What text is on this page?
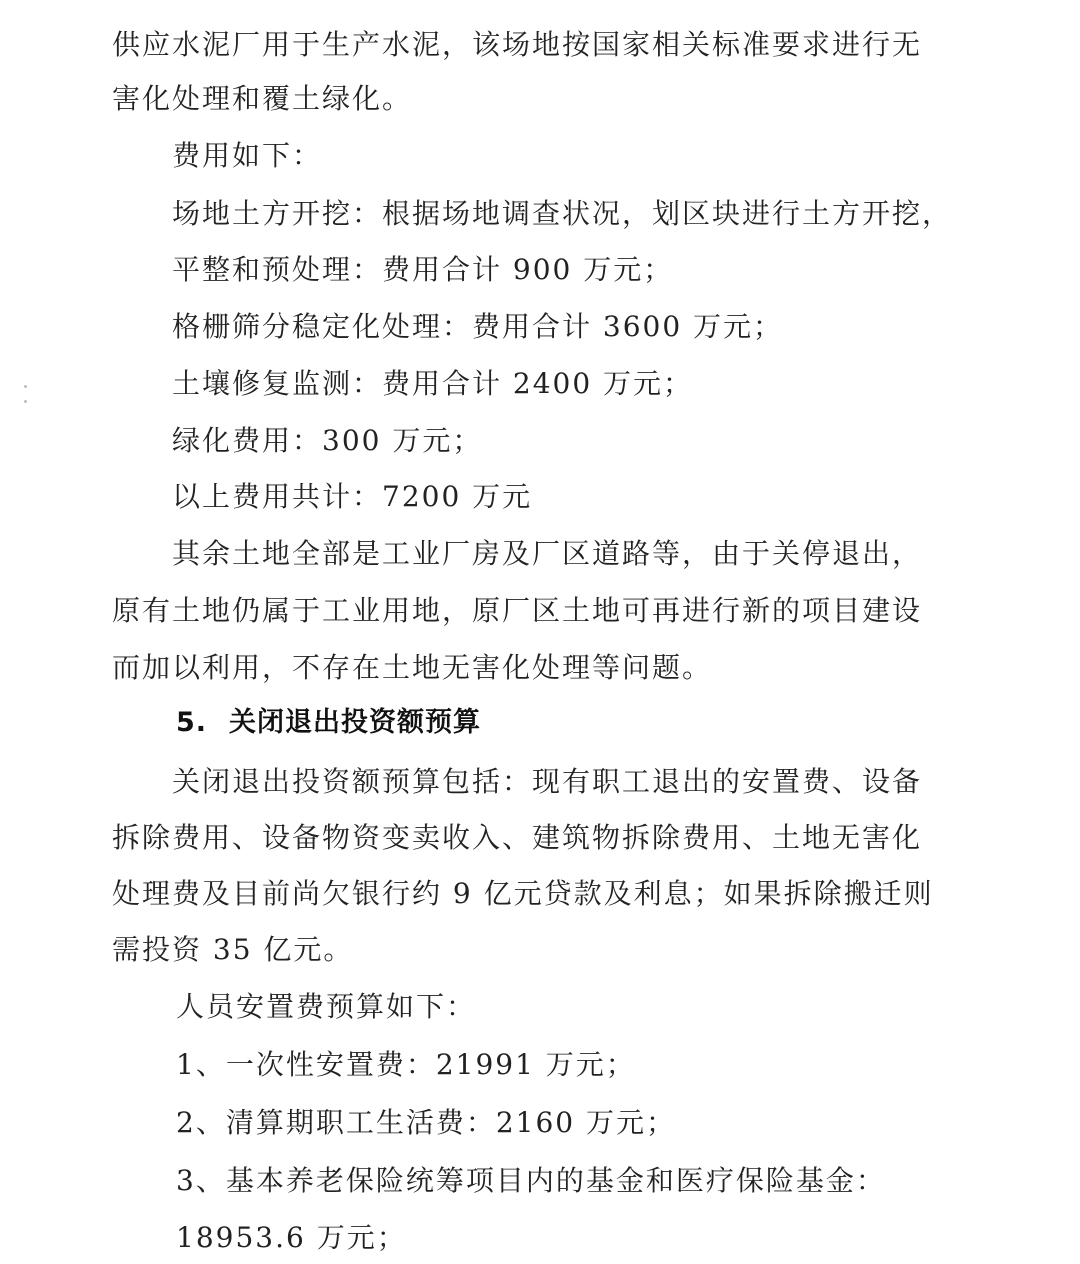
供应水泥厂用于生产水泥，该场地按国家相关标准要求进行无
害化处理和覆土绿化。
费用如下：
场地土方开挖：根据场地调查状况，划区块进行土方开挖，
平整和预处理：费用合计 900 万元；
格栅筛分稳定化处理：费用合计 3600 万元；
土壤修复监测：费用合计 2400 万元；
绿化费用：300 万元；
以上费用共计：7200 万元
其余土地全部是工业厂房及厂区道路等，由于关停退出，
原有土地仍属于工业用地，原厂区土地可再进行新的项目建设
而加以利用，不存在土地无害化处理等问题。
5. 关闭退出投资额预算
关闭退出投资额预算包括：现有职工退出的安置费、设备
拆除费用、设备物资变卖收入、建筑物拆除费用、土地无害化
处理费及目前尚欠银行约 9 亿元贷款及利息；如果拆除搬迁则
需投资 35 亿元。
人员安置费预算如下：
1、一次性安置费：21991 万元；
2、清算期职工生活费：2160 万元；
3、基本养老保险统筹项目内的基金和医疗保险基金：
18953.6 万元；
